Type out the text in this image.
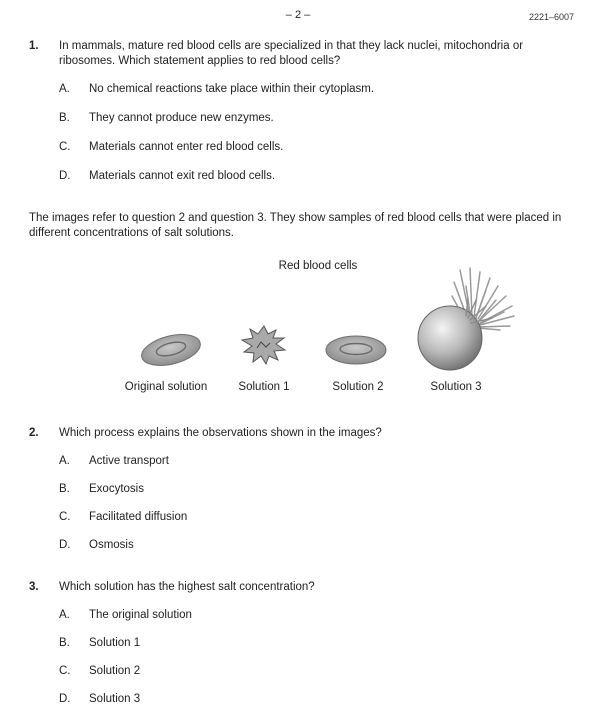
– 2 –	2221–6007
1. In mammals, mature red blood cells are specialized in that they lack nuclei, mitochondria or ribosomes. Which statement applies to red blood cells?
A. No chemical reactions take place within their cytoplasm.
B. They cannot produce new enzymes.
C. Materials cannot enter red blood cells.
D. Materials cannot exit red blood cells.
The images refer to question 2 and question 3. They show samples of red blood cells that were placed in different concentrations of salt solutions.
Red blood cells
Original solution	Solution 1	Solution 2	Solution 3
2. Which process explains the observations shown in the images?
A. Active transport
B. Exocytosis
C. Facilitated diffusion
D. Osmosis
3. Which solution has the highest salt concentration?
A. The original solution
B. Solution 1
C. Solution 2
D. Solution 3
